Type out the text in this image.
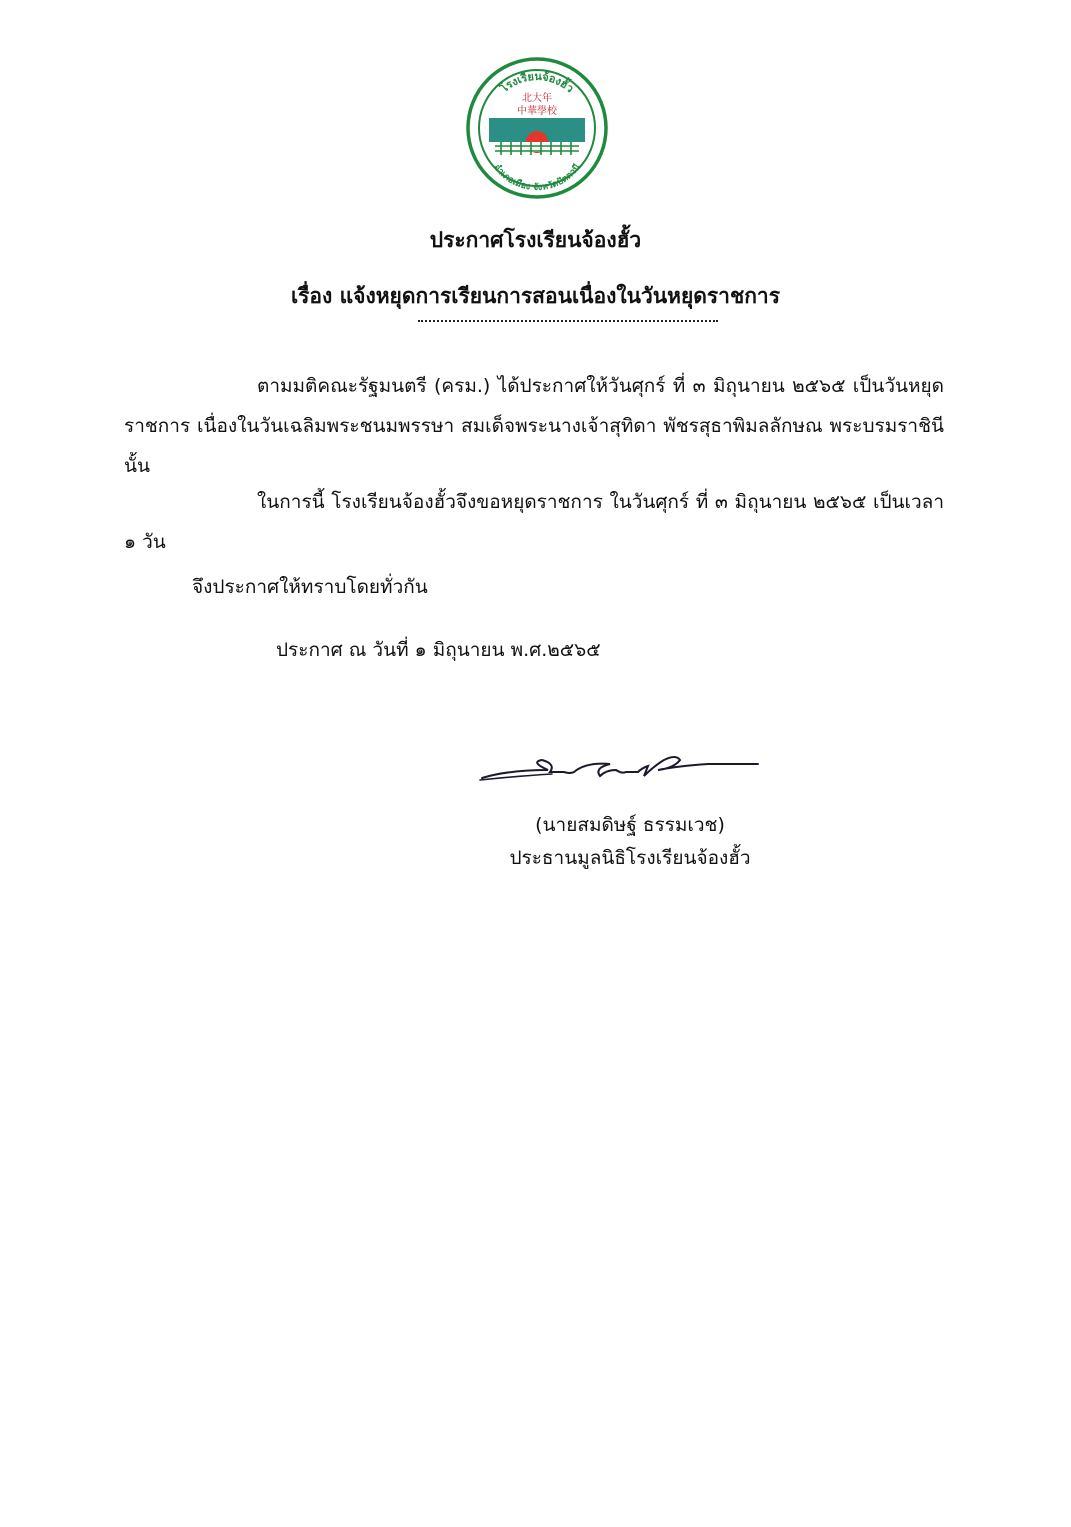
โรงเรียนจ้องฮั้ว
北大年
中華學校
อำเภอเมือง จังหวัดปัตตานี
ประกาศโรงเรียนจ้องฮั้ว
เรื่อง แจ้งหยุดการเรียนการสอนเนื่องในวันหยุดราชการ
ตามมติคณะรัฐมนตรี (ครม.) ได้ประกาศให้วันศุกร์ ที่ ๓ มิถุนายน ๒๕๖๕ เป็นวันหยุดราชการ เนื่องในวันเฉลิมพระชนมพรรษา สมเด็จพระนางเจ้าสุทิดา พัชรสุธาพิมลลักษณ พระบรมราชินี นั้น
ในการนี้ โรงเรียนจ้องฮั้วจึงขอหยุดราชการ ในวันศุกร์ ที่ ๓ มิถุนายน ๒๕๖๕ เป็นเวลา ๑ วัน
จึงประกาศให้ทราบโดยทั่วกัน
ประกาศ ณ วันที่ ๑ มิถุนายน พ.ศ.๒๕๖๕
(นายสมดิษฐ์ ธรรมเวช)
ประธานมูลนิธิโรงเรียนจ้องฮั้ว
